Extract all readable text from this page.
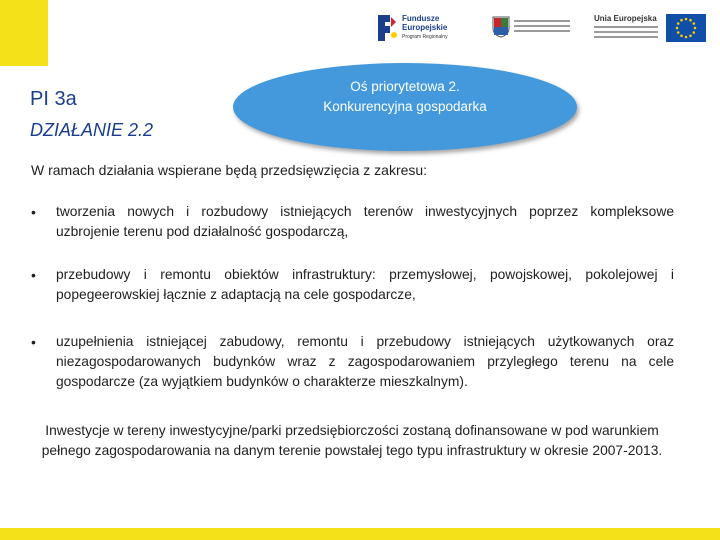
Fundusze
Europejskie
Program Regionalny
Unia Europejska
PI 3a
DZIAŁANIE 2.2
Oś priorytetowa 2.
Konkurencyjna gospodarka
W ramach działania wspierane będą przedsięwzięcia z zakresu:
• tworzenia nowych i rozbudowy istniejących terenów inwestycyjnych poprzez kompleksowe uzbrojenie terenu pod działalność gospodarczą,
• przebudowy i remontu obiektów infrastruktury: przemysłowej, powojskowej, pokolejowej i popegeerowskiej łącznie z adaptacją na cele gospodarcze,
• uzupełnienia istniejącej zabudowy, remontu i przebudowy istniejących użytkowanych oraz niezagospodarowanych budynków wraz z zagospodarowaniem przyległego terenu na cele gospodarcze (za wyjątkiem budynków o charakterze mieszkalnym).
Inwestycje w tereny inwestycyjne/parki przedsiębiorczości zostaną dofinansowane w pod warunkiem pełnego zagospodarowania na danym terenie powstałej tego typu infrastruktury w okresie 2007-2013.
